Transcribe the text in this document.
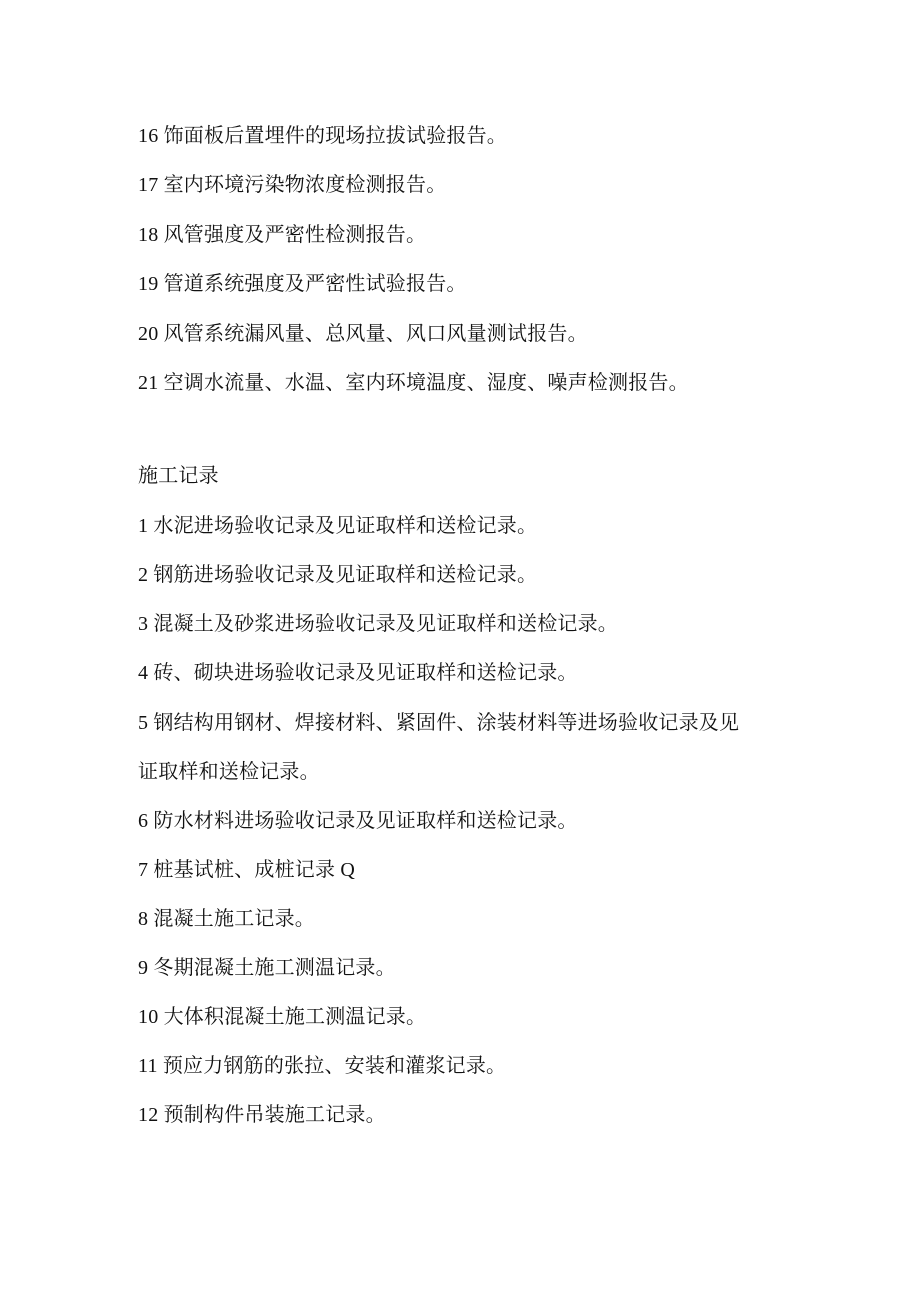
16 饰面板后置埋件的现场拉拔试验报告。
17 室内环境污染物浓度检测报告。
18 风管强度及严密性检测报告。
19 管道系统强度及严密性试验报告。
20 风管系统漏风量、总风量、风口风量测试报告。
21 空调水流量、水温、室内环境温度、湿度、噪声检测报告。
施工记录
1 水泥进场验收记录及见证取样和送检记录。
2 钢筋进场验收记录及见证取样和送检记录。
3 混凝土及砂浆进场验收记录及见证取样和送检记录。
4 砖、砌块进场验收记录及见证取样和送检记录。
5 钢结构用钢材、焊接材料、紧固件、涂装材料等进场验收记录及见
证取样和送检记录。
6 防水材料进场验收记录及见证取样和送检记录。
7 桩基试桩、成桩记录 Q
8 混凝土施工记录。
9 冬期混凝土施工测温记录。
10 大体积混凝土施工测温记录。
11 预应力钢筋的张拉、安装和灌浆记录。
12 预制构件吊装施工记录。
